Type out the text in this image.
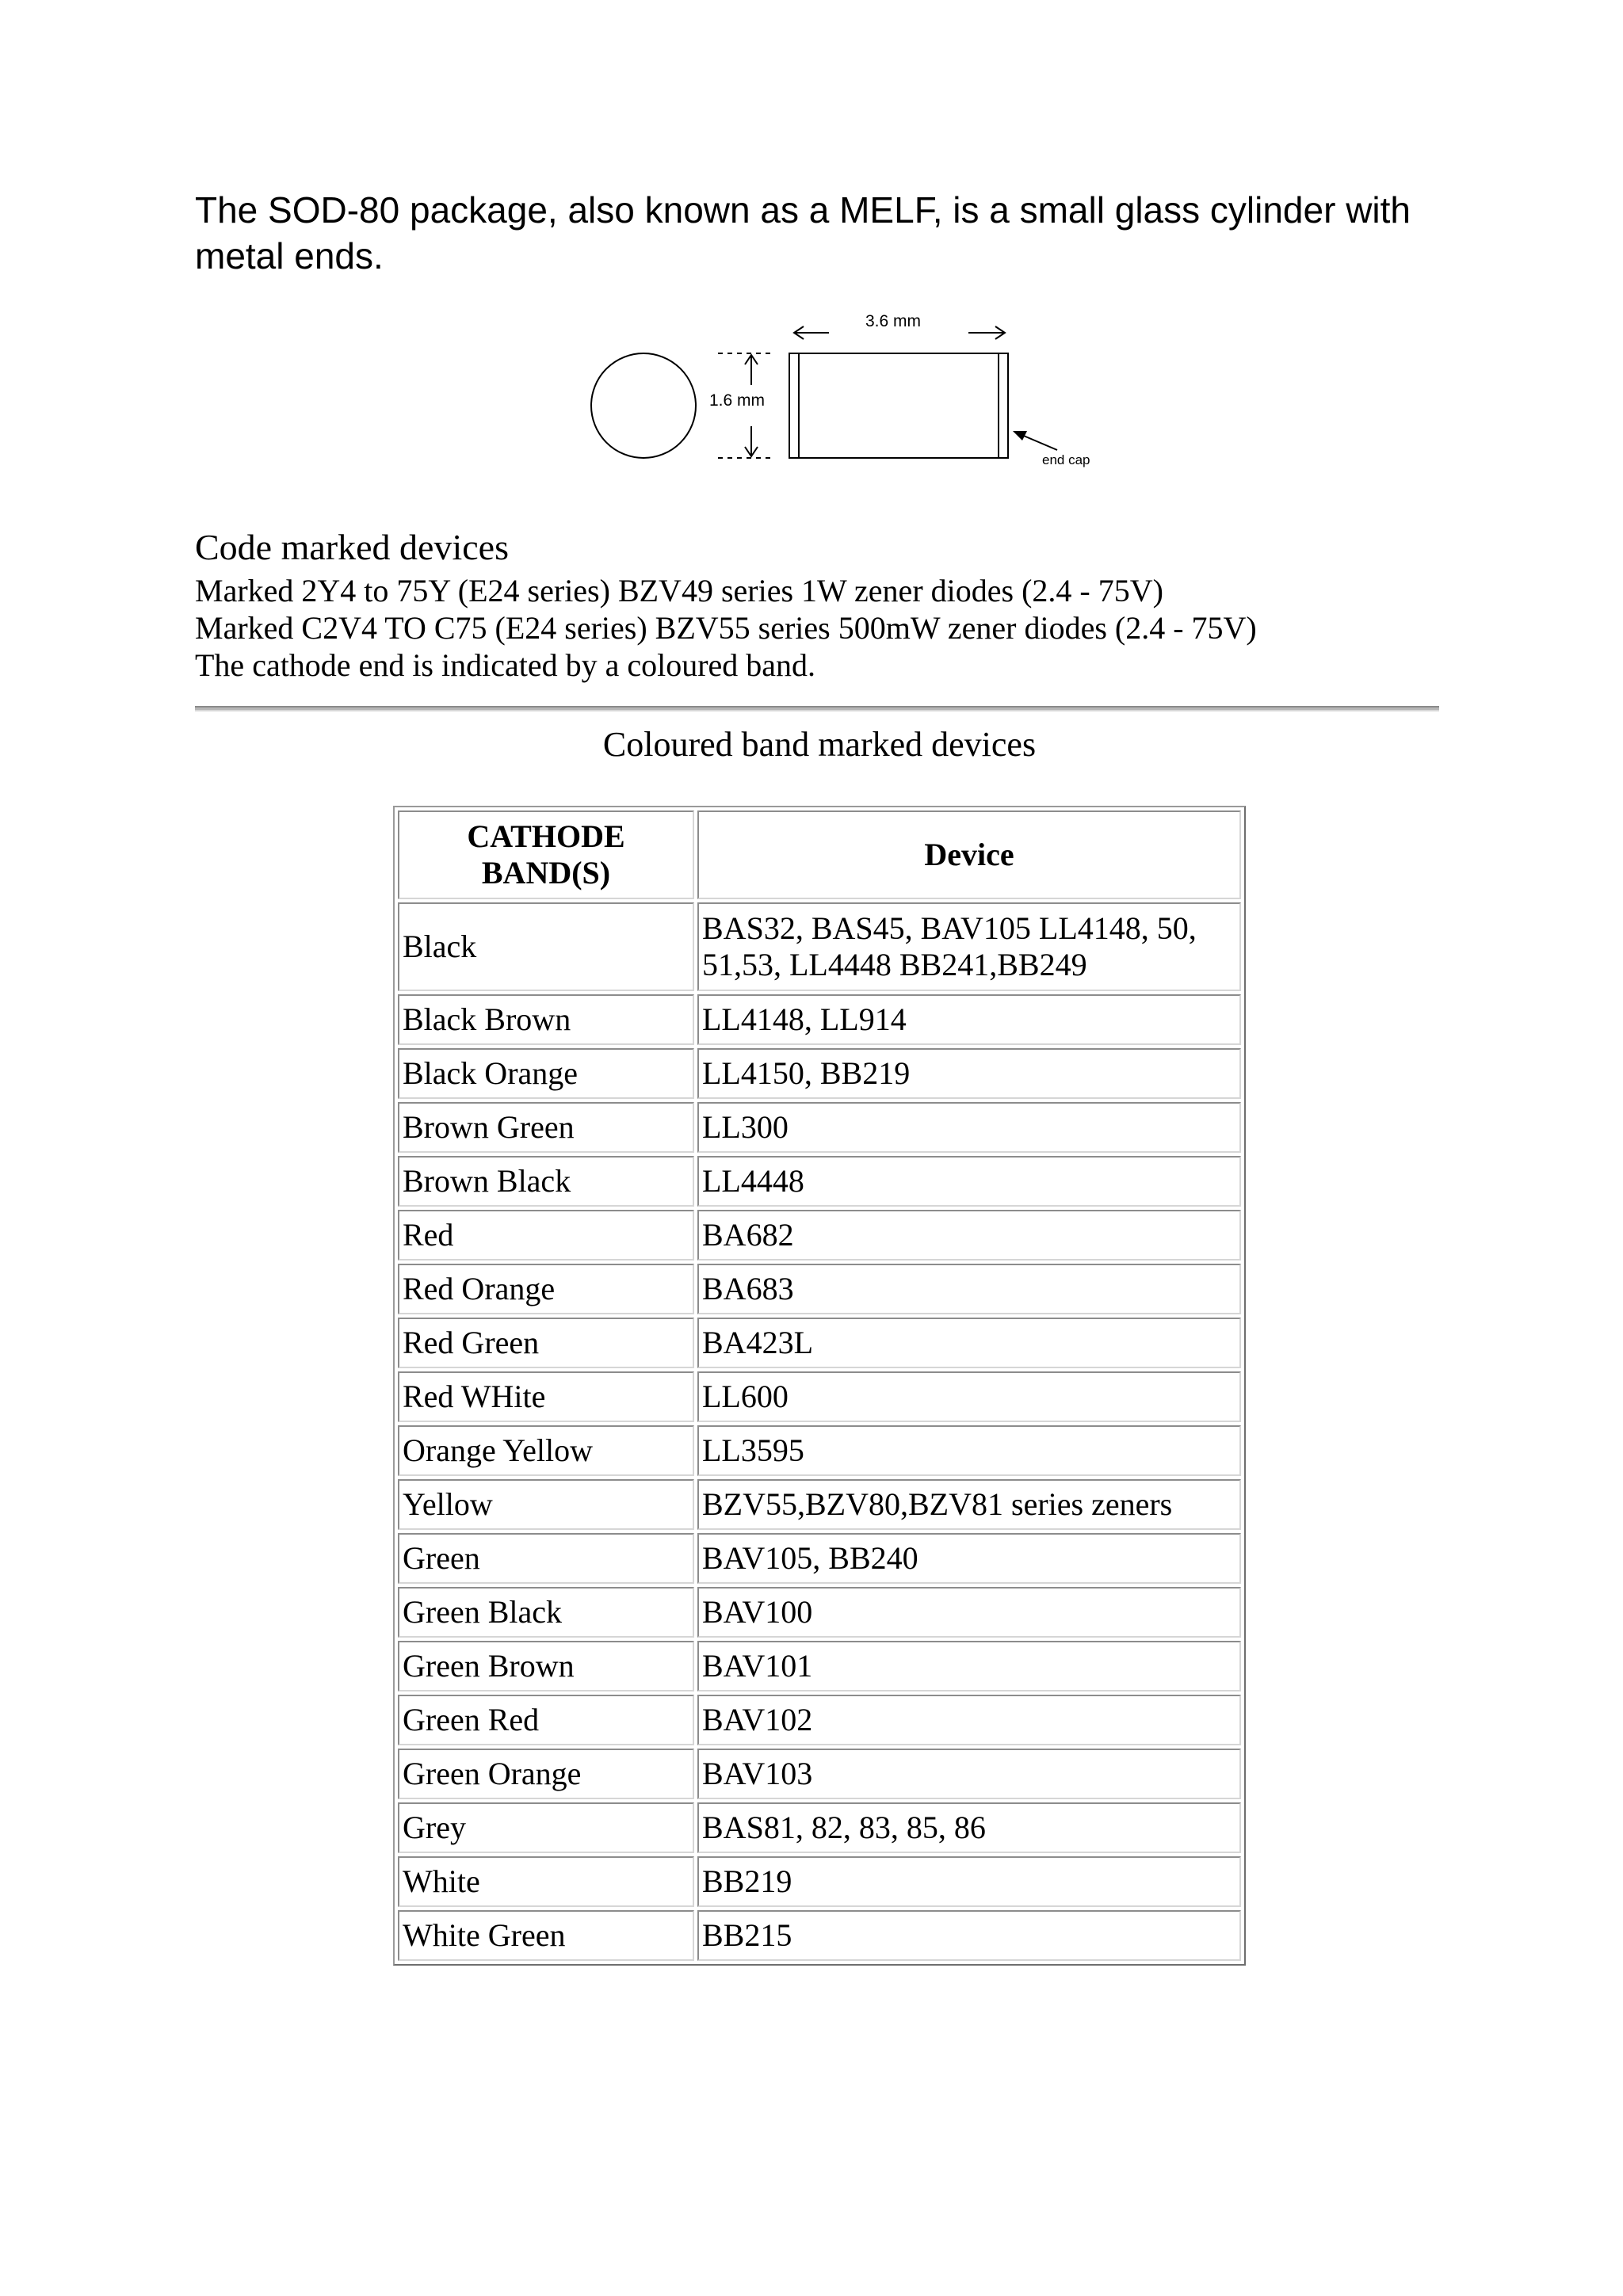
The SOD-80 package, also known as a MELF, is a small glass cylinder with metal ends.

1.6 mm
3.6 mm
end cap
Code marked devices
Marked 2Y4 to 75Y (E24 series) BZV49 series 1W zener diodes (2.4 - 75V)
Marked C2V4 TO C75 (E24 series) BZV55 series 500mW zener diodes (2.4 - 75V)
The cathode end is indicated by a coloured band.
Coloured band marked devices
CATHODE BAND(S)	Device
Black	BAS32, BAS45, BAV105 LL4148, 50, 51,53, LL4448 BB241,BB249
Black Brown	LL4148, LL914
Black Orange	LL4150, BB219
Brown Green	LL300
Brown Black	LL4448
Red	BA682
Red Orange	BA683
Red Green	BA423L
Red WHite	LL600
Orange Yellow	LL3595
Yellow	BZV55,BZV80,BZV81 series zeners
Green	BAV105, BB240
Green Black	BAV100
Green Brown	BAV101
Green Red	BAV102
Green Orange	BAV103
Grey	BAS81, 82, 83, 85, 86
White	BB219
White Green	BB215
